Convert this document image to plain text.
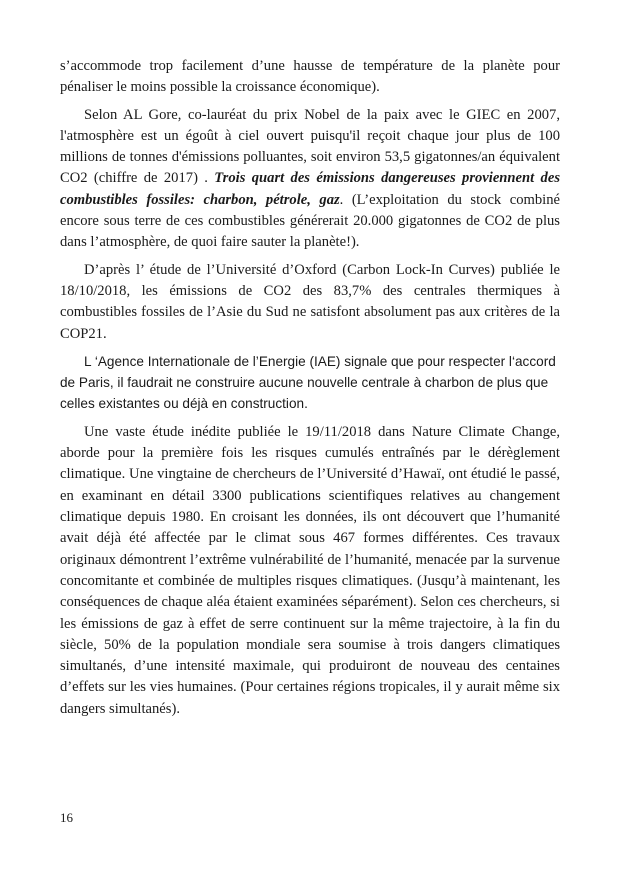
s’accommode trop facilement d’une hausse de température de la planète pour pénaliser le moins possible la croissance économique).

Selon AL Gore, co-lauréat du prix Nobel de la paix avec le GIEC en 2007, l'atmosphère est un égoût à ciel ouvert puisqu'il reçoit chaque jour plus de 100 millions de tonnes d'émissions polluantes, soit environ 53,5 gigatonnes/an équivalent CO2 (chiffre de 2017) . Trois quart des émissions dangereuses proviennent des combustibles fossiles: charbon, pétrole, gaz. (L’exploitation du stock combiné encore sous terre de ces combustibles générerait 20.000 gigatonnes de CO2 de plus dans l’atmosphère, de quoi faire sauter la planète!).

D’après l’ étude de l’Université d’Oxford (Carbon Lock-In Curves) publiée le 18/10/2018, les émissions de CO2 des 83,7% des centrales thermiques à combustibles fossiles de l’Asie du Sud ne satisfont absolument pas aux critères de la COP21.

L ‘Agence Internationale de l’Energie (IAE) signale que pour respecter l‘accord de Paris, il faudrait ne construire aucune nouvelle centrale à charbon de plus que celles existantes ou déjà en construction.

Une vaste étude inédite publiée le 19/11/2018 dans Nature Climate Change, aborde pour la première fois les risques cumulés entraînés par le dérèglement climatique. Une vingtaine de chercheurs de l’Université d’Hawaï, ont étudié le passé, en examinant en détail 3300 publications scientifiques relatives au changement climatique depuis 1980. En croisant les données, ils ont découvert que l’humanité avait déjà été affectée par le climat sous 467 formes différentes. Ces travaux originaux démontrent l’extrême vulnérabilité de l’humanité, menacée par la survenue concomitante et combinée de multiples risques climatiques. (Jusqu’à maintenant, les conséquences de chaque aléa étaient examinées séparément). Selon ces chercheurs, si les émissions de gaz à effet de serre continuent sur la même trajectoire, à la fin du siècle, 50% de la population mondiale sera soumise à trois dangers climatiques simultanés, d’une intensité maximale, qui produiront de nouveau des centaines d’effets sur les vies humaines. (Pour certaines régions tropicales, il y aurait même six dangers simultanés).

16
